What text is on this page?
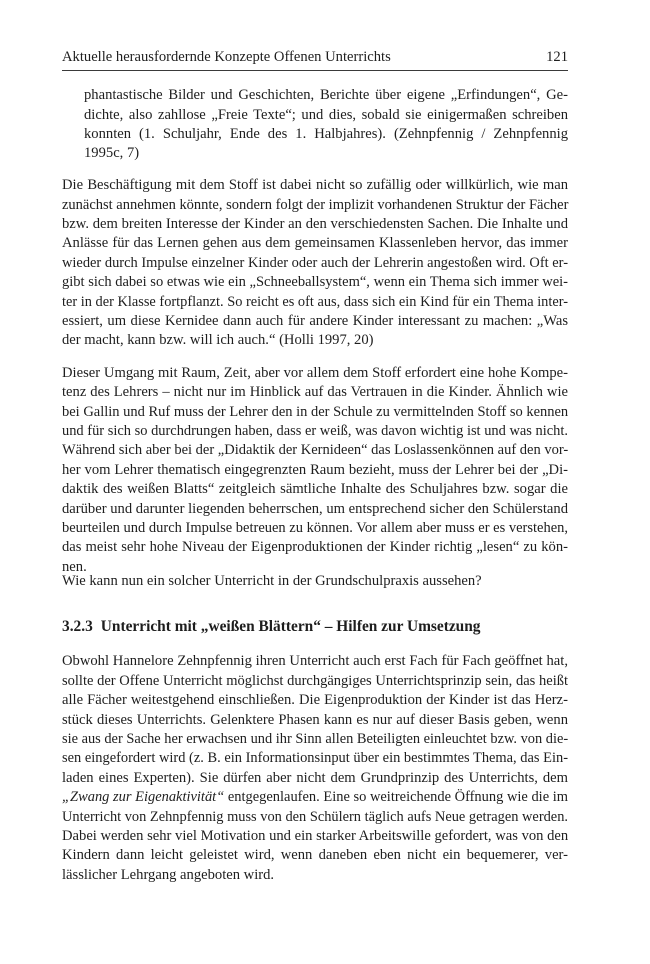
Aktuelle herausfordernde Konzepte Offenen Unterrichts	121
phantastische Bilder und Geschichten, Berichte über eigene „Erfindungen“, Ge-
dichte, also zahllose „Freie Texte“; und dies, sobald sie einigermaßen schreiben
konnten (1. Schuljahr, Ende des 1. Halbjahres). (Zehnpfennig / Zehnpfennig
1995c, 7)
Die Beschäftigung mit dem Stoff ist dabei nicht so zufällig oder willkürlich, wie man
zunächst annehmen könnte, sondern folgt der implizit vorhandenen Struktur der Fächer
bzw. dem breiten Interesse der Kinder an den verschiedensten Sachen. Die Inhalte und
Anlässe für das Lernen gehen aus dem gemeinsamen Klassenleben hervor, das immer
wieder durch Impulse einzelner Kinder oder auch der Lehrerin angestoßen wird. Oft er-
gibt sich dabei so etwas wie ein „Schneeballsystem“, wenn ein Thema sich immer wei-
ter in der Klasse fortpflanzt. So reicht es oft aus, dass sich ein Kind für ein Thema inter-
essiert, um diese Kernidee dann auch für andere Kinder interessant zu machen: „Was
der macht, kann bzw. will ich auch.“ (Holli 1997, 20)
Dieser Umgang mit Raum, Zeit, aber vor allem dem Stoff erfordert eine hohe Kompe-
tenz des Lehrers – nicht nur im Hinblick auf das Vertrauen in die Kinder. Ähnlich wie
bei Gallin und Ruf muss der Lehrer den in der Schule zu vermittelnden Stoff so kennen
und für sich so durchdrungen haben, dass er weiß, was davon wichtig ist und was nicht.
Während sich aber bei der „Didaktik der Kernideen“ das Loslassenkönnen auf den vor-
her vom Lehrer thematisch eingegrenzten Raum bezieht, muss der Lehrer bei der „Di-
daktik des weißen Blatts“ zeitgleich sämtliche Inhalte des Schuljahres bzw. sogar die
darüber und darunter liegenden beherrschen, um entsprechend sicher den Schülerstand
beurteilen und durch Impulse betreuen zu können. Vor allem aber muss er es verstehen,
das meist sehr hohe Niveau der Eigenproduktionen der Kinder richtig „lesen“ zu kön-
nen.
Wie kann nun ein solcher Unterricht in der Grundschulpraxis aussehen?
3.2.3 Unterricht mit „weißen Blättern“ – Hilfen zur Umsetzung
Obwohl Hannelore Zehnpfennig ihren Unterricht auch erst Fach für Fach geöffnet hat,
sollte der Offene Unterricht möglichst durchgängiges Unterrichtsprinzip sein, das heißt
alle Fächer weitestgehend einschließen. Die Eigenproduktion der Kinder ist das Herz-
stück dieses Unterrichts. Gelenktere Phasen kann es nur auf dieser Basis geben, wenn
sie aus der Sache her erwachsen und ihr Sinn allen Beteiligten einleuchtet bzw. von die-
sen eingefordert wird (z. B. ein Informationsinput über ein bestimmtes Thema, das Ein-
laden eines Experten). Sie dürfen aber nicht dem Grundprinzip des Unterrichts, dem
„Zwang zur Eigenaktivität“ entgegenlaufen. Eine so weitreichende Öffnung wie die im
Unterricht von Zehnpfennig muss von den Schülern täglich aufs Neue getragen werden.
Dabei werden sehr viel Motivation und ein starker Arbeitswille gefordert, was von den
Kindern dann leicht geleistet wird, wenn daneben eben nicht ein bequemerer, ver-
lässlicher Lehrgang angeboten wird.
